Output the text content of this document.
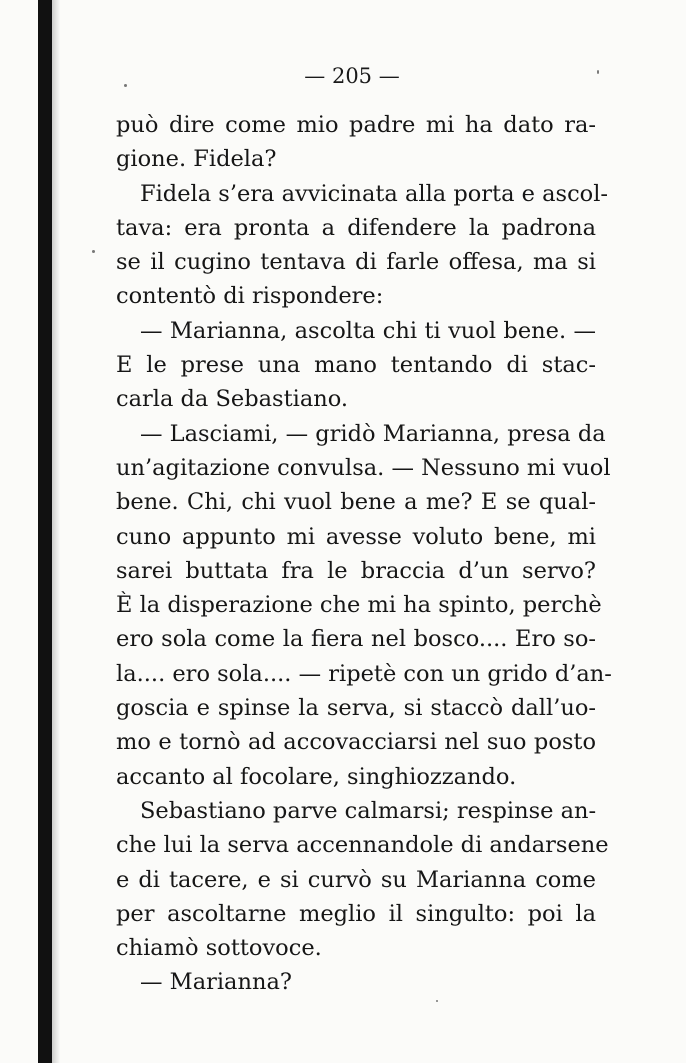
— 205 —
può dire come mio padre mi ha dato ra-
gione. Fidela?
Fidela s’era avvicinata alla porta e ascol-
tava: era pronta a difendere la padrona
se il cugino tentava di farle offesa, ma si
contentò di rispondere:
— Marianna, ascolta chi ti vuol bene. —
E le prese una mano tentando di stac-
carla da Sebastiano.
— Lasciami, — gridò Marianna, presa da
un’agitazione convulsa. — Nessuno mi vuol
bene. Chi, chi vuol bene a me? E se qual-
cuno appunto mi avesse voluto bene, mi
sarei buttata fra le braccia d’un servo?
È la disperazione che mi ha spinto, perchè
ero sola come la fiera nel bosco.... Ero so-
la.... ero sola.... — ripetè con un grido d’an-
goscia e spinse la serva, si staccò dall’uo-
mo e tornò ad accovacciarsi nel suo posto
accanto al focolare, singhiozzando.
Sebastiano parve calmarsi; respinse an-
che lui la serva accennandole di andarsene
e di tacere, e si curvò su Marianna come
per ascoltarne meglio il singulto: poi la
chiamò sottovoce.
— Marianna?
